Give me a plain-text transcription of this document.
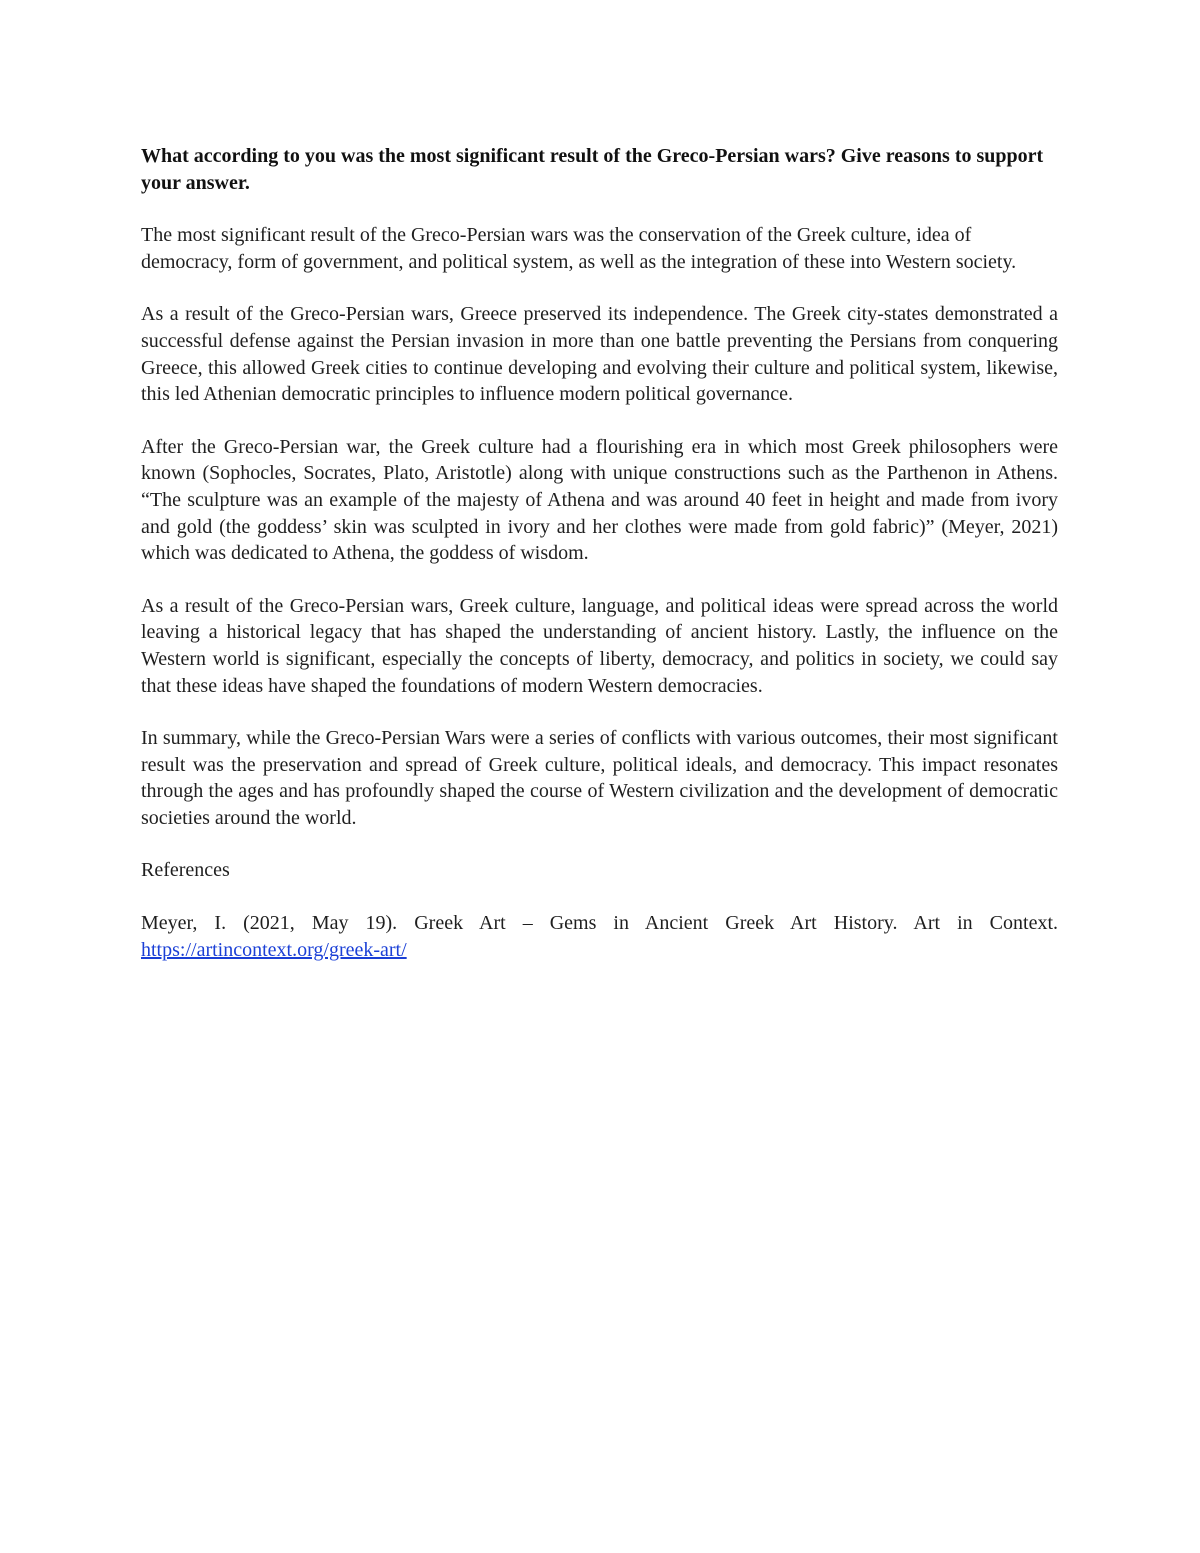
What according to you was the most significant result of the Greco-Persian wars? Give reasons to support your answer.

The most significant result of the Greco-Persian wars was the conservation of the Greek culture, idea of democracy, form of government, and political system, as well as the integration of these into Western society.

As a result of the Greco-Persian wars, Greece preserved its independence. The Greek city-states demonstrated a successful defense against the Persian invasion in more than one battle preventing the Persians from conquering Greece, this allowed Greek cities to continue developing and evolving their culture and political system, likewise, this led Athenian democratic principles to influence modern political governance.

After the Greco-Persian war, the Greek culture had a flourishing era in which most Greek philosophers were known (Sophocles, Socrates, Plato, Aristotle) along with unique constructions such as the Parthenon in Athens. “The sculpture was an example of the majesty of Athena and was around 40 feet in height and made from ivory and gold (the goddess’ skin was sculpted in ivory and her clothes were made from gold fabric)” (Meyer, 2021) which was dedicated to Athena, the goddess of wisdom.

As a result of the Greco-Persian wars, Greek culture, language, and political ideas were spread across the world leaving a historical legacy that has shaped the understanding of ancient history. Lastly, the influence on the Western world is significant, especially the concepts of liberty, democracy, and politics in society, we could say that these ideas have shaped the foundations of modern Western democracies.

In summary, while the Greco-Persian Wars were a series of conflicts with various outcomes, their most significant result was the preservation and spread of Greek culture, political ideals, and democracy. This impact resonates through the ages and has profoundly shaped the course of Western civilization and the development of democratic societies around the world.

References

Meyer, I. (2021, May 19). Greek Art – Gems in Ancient Greek Art History. Art in Context. https://artincontext.org/greek-art/
